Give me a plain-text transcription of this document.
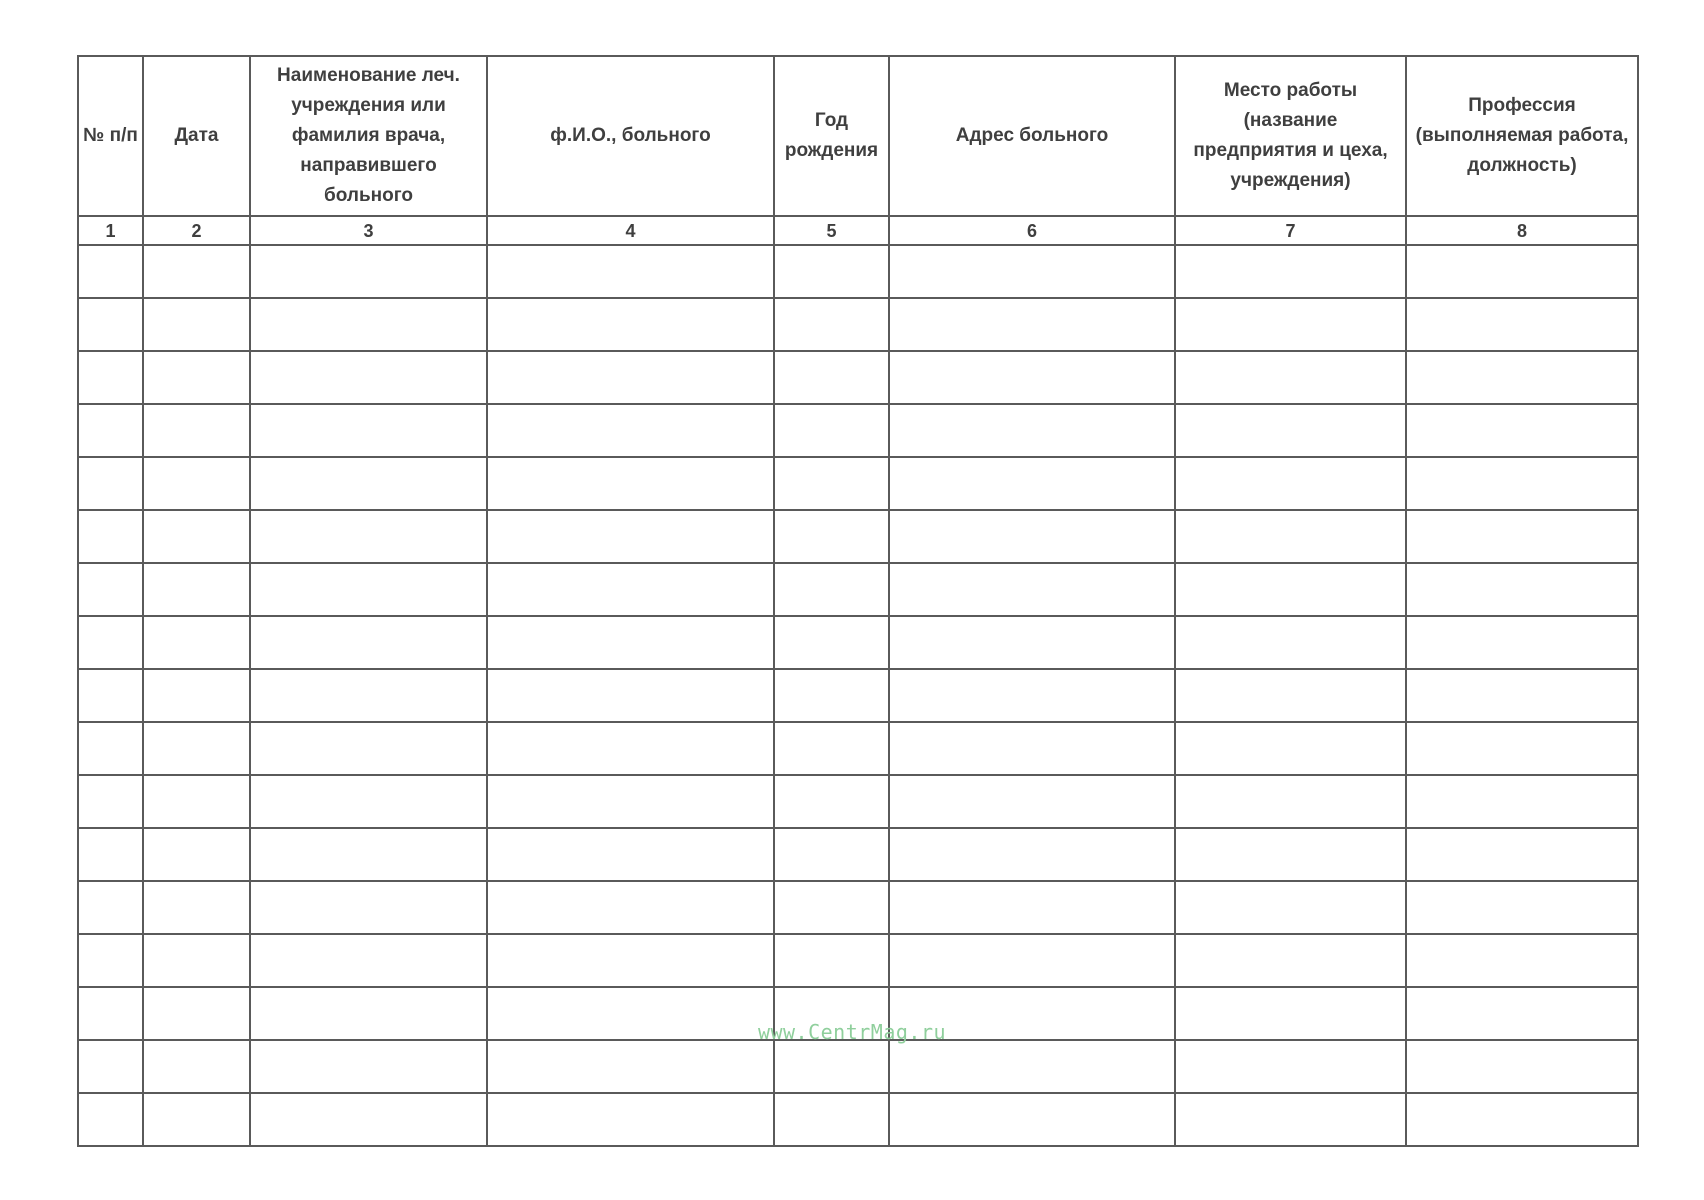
№ п/п	Дата	Наименование леч. учреждения или фамилия врача, направившего больного	ф.И.О., больного	Год рождения	Адрес больного	Место работы (название предприятия и цеха, учреждения)	Профессия (выполняемая работа, должность)
1	2	3	4	5	6	7	8

www.CentrMag.ru
